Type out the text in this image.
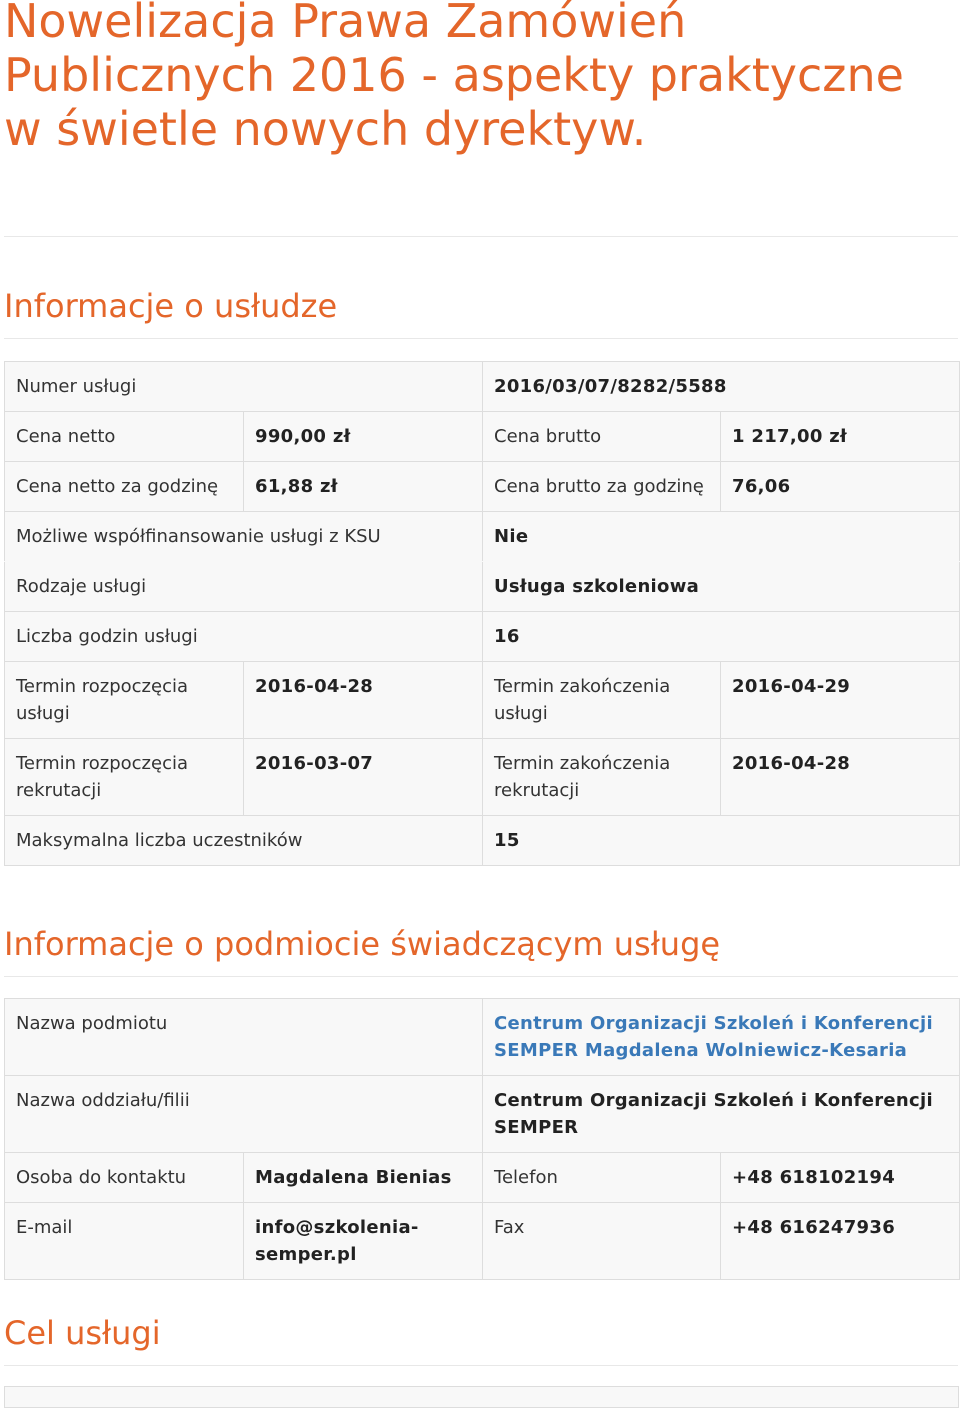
Nowelizacja Prawa Zamówień Publicznych 2016 - aspekty praktyczne w świetle nowych dyrektyw.
Informacje o usłudze
Numer usługi		2016/03/07/8282/5588	
Cena netto	990,00 zł	Cena brutto	1 217,00 zł
Cena netto za godzinę	61,88 zł	Cena brutto za godzinę	76,06
Możliwe współfinansowanie usługi z KSU		Nie	
Rodzaje usługi		Usługa szkoleniowa	
Liczba godzin usługi		16	
Termin rozpoczęcia usługi	2016-04-28	Termin zakończenia usługi	2016-04-29
Termin rozpoczęcia rekrutacji	2016-03-07	Termin zakończenia rekrutacji	2016-04-28
Maksymalna liczba uczestników		15	
Informacje o podmiocie świadczącym usługę
Nazwa podmiotu		Centrum Organizacji Szkoleń i Konferencji SEMPER Magdalena Wolniewicz-Kesaria	
Nazwa oddziału/filii		Centrum Organizacji Szkoleń i Konferencji SEMPER	
Osoba do kontaktu	Magdalena Bienias	Telefon	+48 618102194
E-mail	info@szkolenia-semper.pl	Fax	+48 616247936
Cel usługi
